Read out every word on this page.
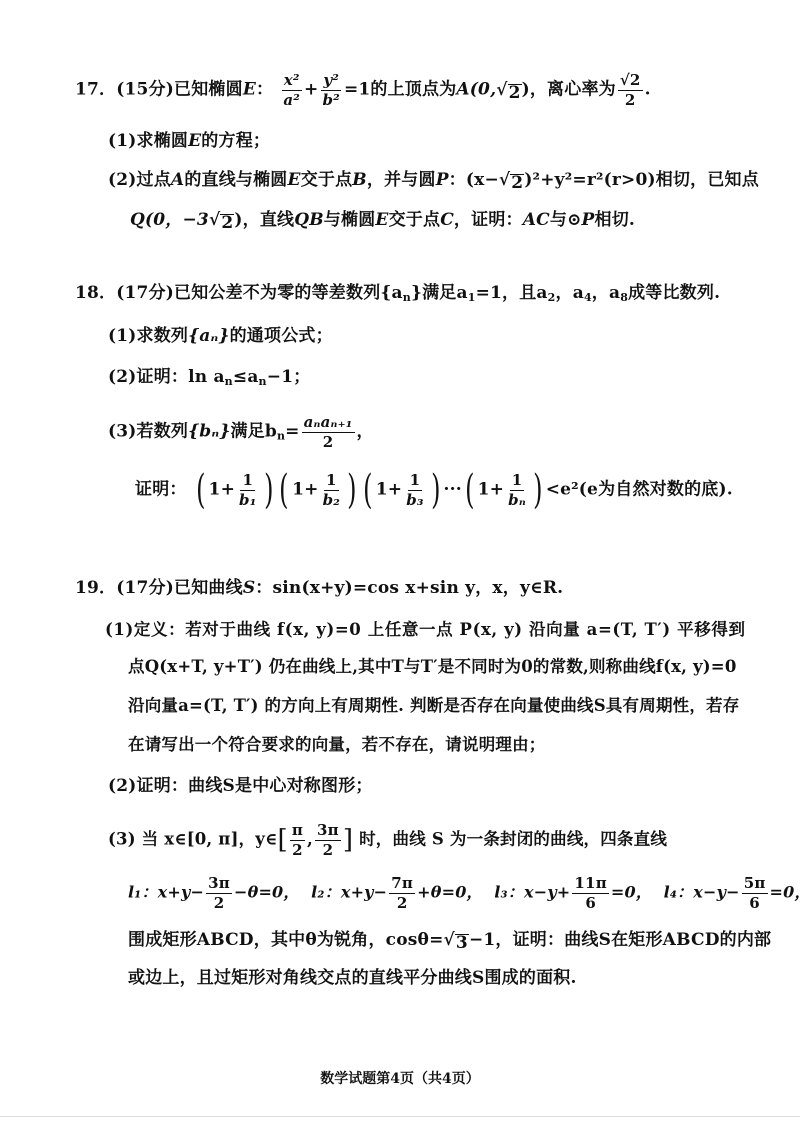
17．(15分)已知椭圆E： $\frac{\text{x²}}{\text{a²}} + \frac{\text{y²}}{\text{b²}} =1$的上顶点为A(0, √ 2 )，离心率为 $\frac{√2}{2}$ .
(1)求椭圆E的方程；
(2)过点A的直线与椭圆E交于点B，并与圆P：(x− √ 2 )²+y²=r²(r>0)相切，已知点
Q(0，−3 √ 2 )，直线QB与椭圆E交于点C，证明：AC与⊙P相切.
18．(17分)已知公差不为零的等差数列$\{a_n\}$满足$a_1=1$，且$a_2$，$a_4$，$a_8$成等比数列.
(1)求数列{aₙ}的通项公式；
(2)证明：$\ln a_n\le a_n-1$；
(3)若数列{bₙ}满足$b_n= \frac{\text{aₙaₙ₊₁}}{2}$ ，
证明： ( $1+ \frac{1}{\text{b₁}}$ ) ( $1+ \frac{1}{\text{b₂}}$ ) ( $1+ \frac{1}{\text{b₃}}$ ) ···( $1+ \frac{1}{\text{bₙ}}$ ) <e²(e为自然对数的底).
19．(17分)已知曲线S：sin(x+y)=cos x+sin y，x，y∈R.
(1)定义：若对于曲线 f(x, y)=0 上任意一点 P(x, y) 沿向量 a=(T, T′) 平移得到
点Q(x+T, y+T′) 仍在曲线上,其中T与T′是不同时为0的常数,则称曲线f(x, y)=0
沿向量a=(T, T′) 的方向上有周期性. 判断是否存在向量使曲线S具有周期性，若存
在请写出一个符合要求的向量，若不存在，请说明理由；
(2)证明：曲线S是中心对称图形；
(3) 当 x∈[0, π]，y∈[ $\frac{\pi}{2}$ , $\frac{3\pi}{2}$ ] 时，曲线 S 为一条封闭的曲线，四条直线
l₁：$x+y- \frac{3\pi}{2} -\theta=0$， l₂：$x+y- \frac{7\pi}{2} +\theta=0$， l₃：$x-y+ \frac{11\pi}{6} =0$， l₄：$x-y- \frac{5\pi}{6} =0$，
围成矩形ABCD，其中θ为锐角，cosθ= √ 3 −1，证明：曲线S在矩形ABCD的内部
或边上，且过矩形对角线交点的直线平分曲线S围成的面积.
数学试题第4页（共4页）
